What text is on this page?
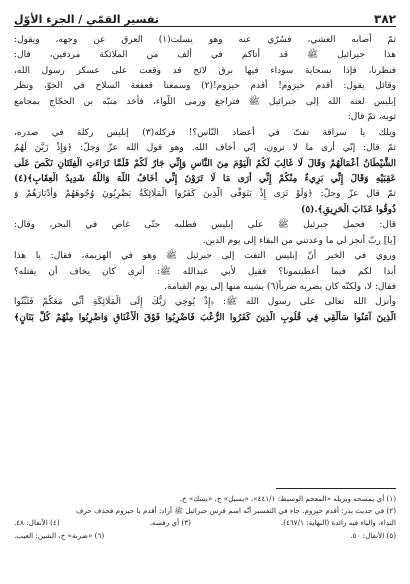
٣٨٢
تفسير القمّي / الجزء الأوّل
ثمّ أصابه الغشي، فسُرّي عنه وهو يسلت(١) العرق عن وجهه، ويقول:
هذا جبرائيل ﷺ قد أتاكم في ألف من الملائكة مردفين، قال:
فنظرنا، فإذا بسحابة سوداء فيها برق لائح قد وقعت على عسكر رسول الله،
وقائل يقول: أقدم حيزوم! أقدم حيزوم!(٢) وسمعنا قعقعة السلاح في الجوّ، ونظر
إبليس لعنه الله إلى جبرائيل ﷺ فتراجع ورمى اللّواء، فأخذ منبّه بن الحجّاج بمجامع
ثوبه، ثمّ قال:
ويلك يا سراقة تفتّ في أعضاد النّاس؟! فركله(٣) إبليس ركلة في صدره،
ثمّ قال: إنّي أرى ما لا ترون، إنّي أخاف الله. وهو قول الله عزّ وجلّ: ﴿وَإِذْ زَيَّنَ لَهُمُ
الشَّيْطَانُ أَعْمَالَهُمْ وَقَالَ لَا غَالِبَ لَكُمُ الْيَوْمَ مِنَ النَّاسِ وَإِنِّي جَارٌ لَكُمْ فَلَمَّا تَرَاءَتِ الْفِئَتَانِ نَكَصَ عَلَى
عَقِبَيْهِ وَقَالَ إِنِّي بَرِيءٌ مِنْكُمْ إِنِّي أَرَى مَا لَا تَرَوْنَ إِنِّي أَخَافُ اللَّهَ وَاللَّهُ شَدِيدُ الْعِقَابِ﴾(٤)
ثمّ قال عزّ وجلّ: ﴿وَلَوْ تَرَى إِذْ يَتَوَفَّى الَّذِينَ كَفَرُوا الْمَلَائِكَةُ يَضْرِبُونَ وُجُوهَهُمْ وَأَدْبَارَهُمْ وَ
ذُوقُوا عَذَابَ الْحَرِيقِ﴾.(٥)
قال: فحمل جبرئيل ﷺ على إبليس فطلبه حتّى غاص في البحر، وقال:
[يا] ربّ أنجز لي ما وعدتني من البقاء إلى يوم الدين.
وروي في الخبر أنّ إبليس التفت إلى جبرئيل ﷺ وهو في الهزيمة، فقال: يا هذا
أبدا لكم فيما أعطيتمونا؟ فقيل لأبي عبدالله ﷺ: أترى كان يخاف أن يقتله؟
فقال: لا، ولكنّه كان يضربه ضرباً(٦) يشينه منها إلى يوم القيامة.
وأنزل الله تعالى على رسول الله ﷺ: ﴿إِذْ يُوحِي رَبُّكَ إِلَى الْمَلَائِكَةِ أَنِّي مَعَكُمْ فَثَبِّتُوا
الَّذِينَ آمَنُوا سَأُلْقِي فِي قُلُوبِ الَّذِينَ كَفَرُوا الرُّعْبَ فَاضْرِبُوا فَوْقَ الْأَعْنَاقِ وَاضْرِبُوا مِنْهُمْ كُلَّ بَنَانٍ﴾
(١) أي يمسحه ويزيله «المعجم الوسيط: ٤٤١/١»، «يسيل» خ، «يسك» خ.
(٢) في حديث بدر: أقدم حيزوم. جاء في التفسير أنّه اسم فرس جبرائيل ﷺ أراد: أقدم يا حيزوم فحذف حرف
النداء، والياء فيه زائدة (النهاية: ٤٦٧/١).
(٣) أي رفسه.
(٤) الأنفال: ٤٨.
(٥) الأنفال: ٥٠.
(٦) «ضربة» خ، الشين: العيب.
